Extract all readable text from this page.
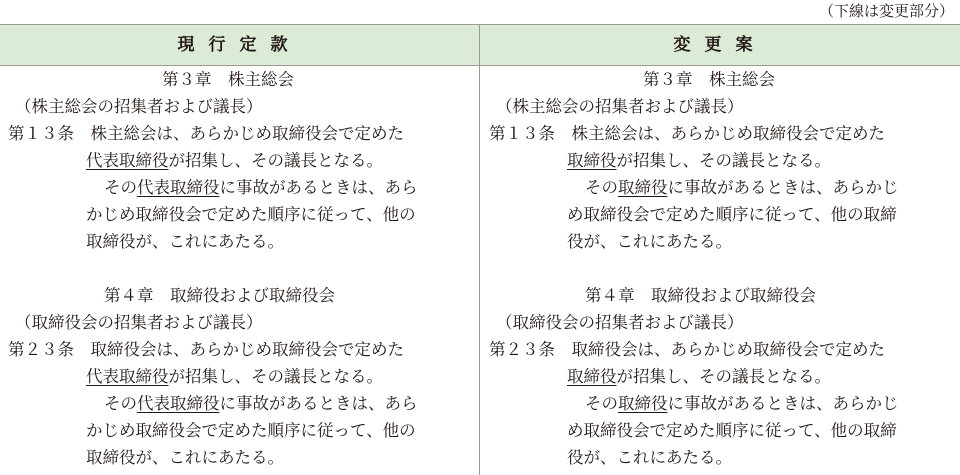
（下線は変更部分）
現行定款	変更案
第３章　株主総会
（株主総会の招集者および議長）
第１３条　株主総会は、あらかじめ取締役会で定めた
代表取締役が招集し、その議長となる。
その代表取締役に事故があるときは、あら
かじめ取締役会で定めた順序に従って、他の
取締役が、これにあたる。
第４章　取締役および取締役会
（取締役会の招集者および議長）
第２３条　取締役会は、あらかじめ取締役会で定めた
代表取締役が招集し、その議長となる。
その代表取締役に事故があるときは、あら
かじめ取締役会で定めた順序に従って、他の
取締役が、これにあたる。
第３章　株主総会
（株主総会の招集者および議長）
第１３条　株主総会は、あらかじめ取締役会で定めた
取締役が招集し、その議長となる。
その取締役に事故があるときは、あらかじ
め取締役会で定めた順序に従って、他の取締
役が、これにあたる。
第４章　取締役および取締役会
（取締役会の招集者および議長）
第２３条　取締役会は、あらかじめ取締役会で定めた
取締役が招集し、その議長となる。
その取締役に事故があるときは、あらかじ
め取締役会で定めた順序に従って、他の取締
役が、これにあたる。
